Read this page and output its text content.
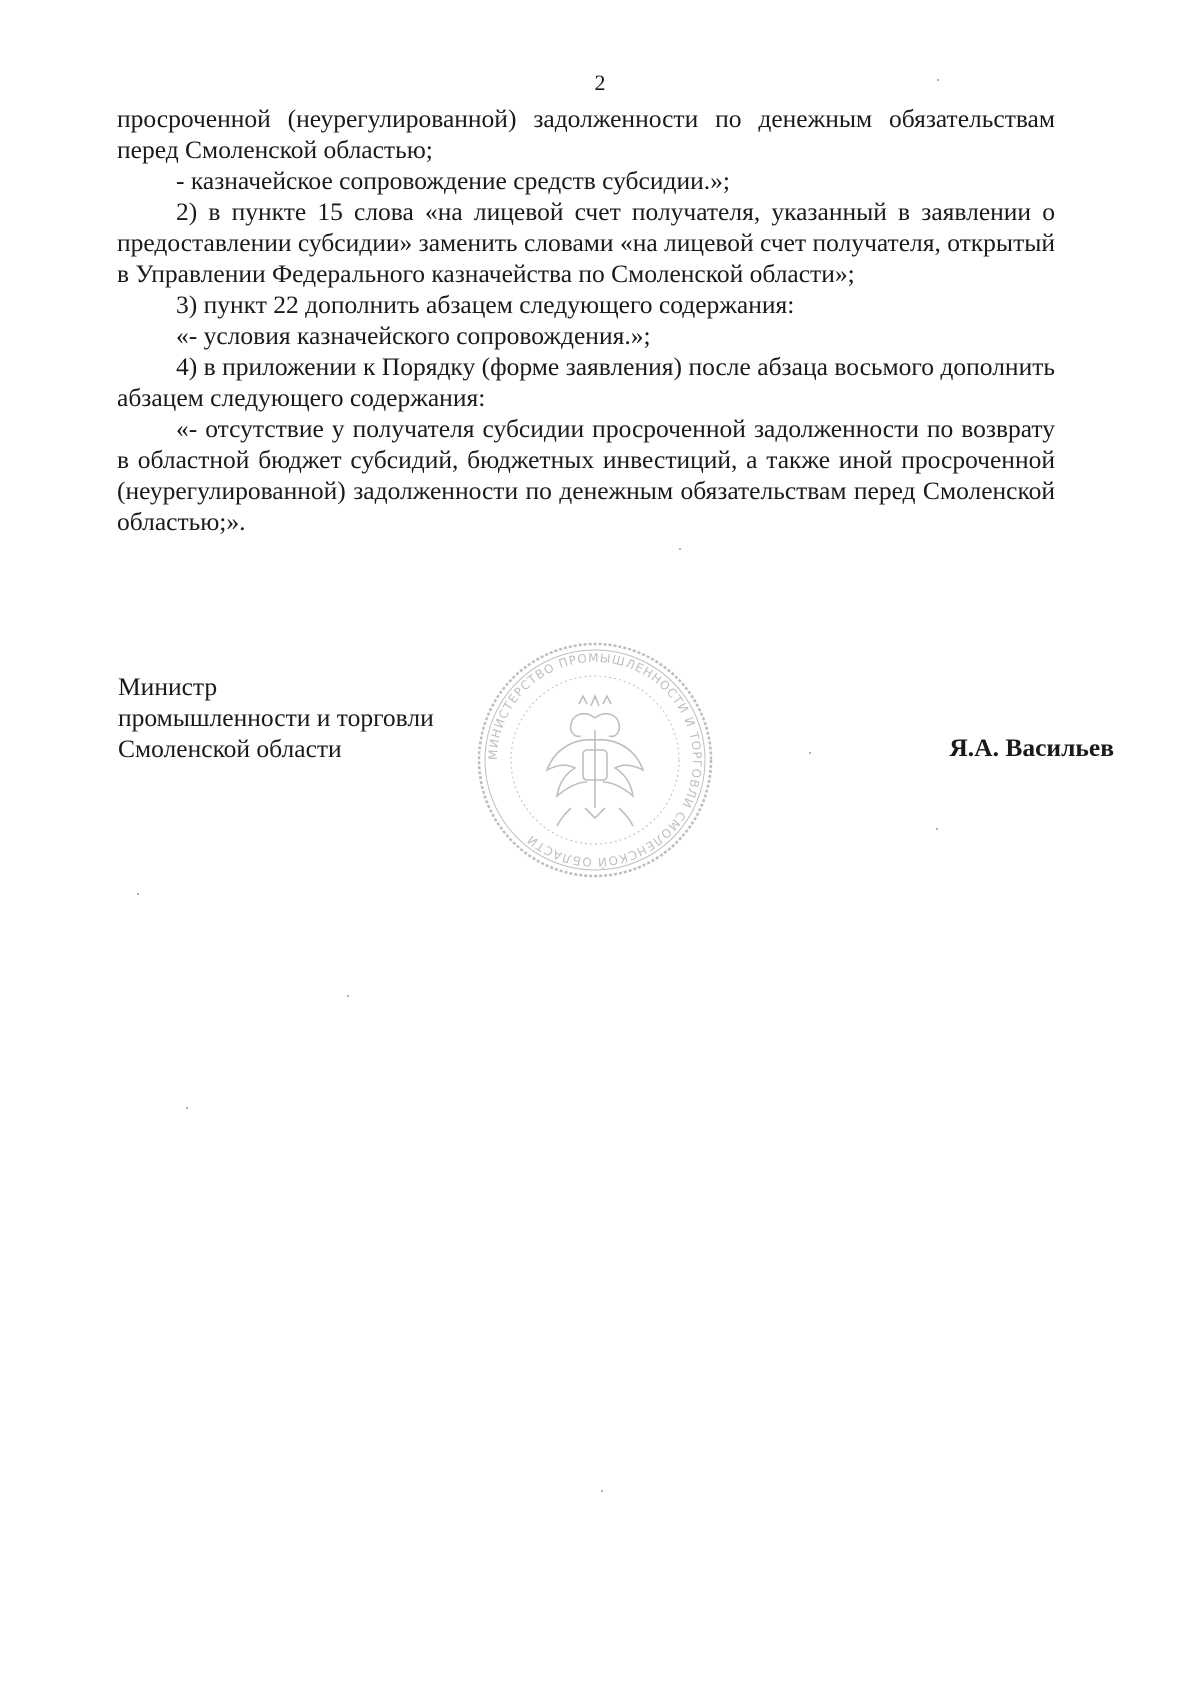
2

просроченной (неурегулированной) задолженности по денежным обязательствам перед Смоленской областью;

- казначейское сопровождение средств субсидии.»;

2) в пункте 15 слова «на лицевой счет получателя, указанный в заявлении о предоставлении субсидии» заменить словами «на лицевой счет получателя, открытый в Управлении Федерального казначейства по Смоленской области»;

3) пункт 22 дополнить абзацем следующего содержания:

«- условия казначейского сопровождения.»;

4) в приложении к Порядку (форме заявления) после абзаца восьмого дополнить абзацем следующего содержания:

«- отсутствие у получателя субсидии просроченной задолженности по возврату в областной бюджет субсидий, бюджетных инвестиций, а также иной просроченной (неурегулированной) задолженности по денежным обязательствам перед Смоленской областью;».

Министр
промышленности и торговли
Смоленской области	Я.А. Васильев
МИНИСТЕРСТВО ПРОМЫШЛЕННОСТИ И ТОРГОВЛИ СМОЛЕНСКОЙ ОБЛАСТИ
